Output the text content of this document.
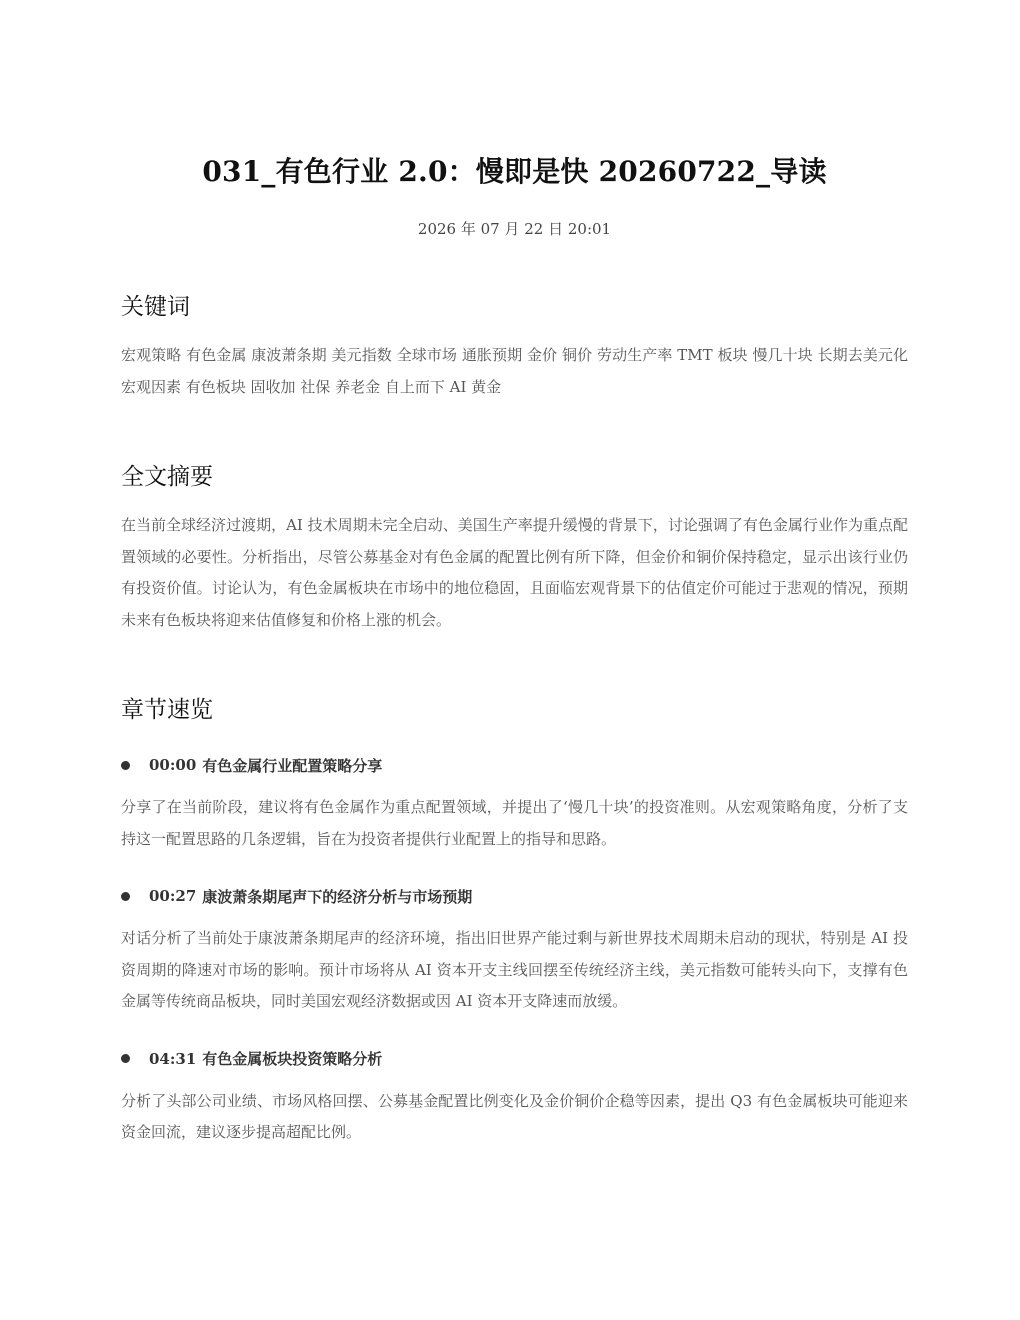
031_有色行业 2.0：慢即是快 20260722_导读
2026 年 07 月 22 日 20:01
关键词

宏观策略 有色金属 康波萧条期 美元指数 全球市场 通胀预期 金价 铜价 劳动生产率 TMT 板块 慢几十块 长期去美元化 宏观因素 有色板块 固收加 社保 养老金 自上而下 AI 黄金

全文摘要

在当前全球经济过渡期，AI 技术周期未完全启动、美国生产率提升缓慢的背景下，讨论强调了有色金属行业作为重点配置领域的必要性。分析指出，尽管公募基金对有色金属的配置比例有所下降，但金价和铜价保持稳定，显示出该行业仍有投资价值。讨论认为，有色金属板块在市场中的地位稳固，且面临宏观背景下的估值定价可能过于悲观的情况，预期未来有色板块将迎来估值修复和价格上涨的机会。

章节速览
00:00 有色金属行业配置策略分享

分享了在当前阶段，建议将有色金属作为重点配置领域，并提出了‘慢几十块’的投资准则。从宏观策略角度，分析了支持这一配置思路的几条逻辑，旨在为投资者提供行业配置上的指导和思路。

00:27 康波萧条期尾声下的经济分析与市场预期

对话分析了当前处于康波萧条期尾声的经济环境，指出旧世界产能过剩与新世界技术周期未启动的现状，特别是 AI 投资周期的降速对市场的影响。预计市场将从 AI 资本开支主线回摆至传统经济主线，美元指数可能转头向下，支撑有色金属等传统商品板块，同时美国宏观经济数据或因 AI 资本开支降速而放缓。

04:31 有色金属板块投资策略分析

分析了头部公司业绩、市场风格回摆、公募基金配置比例变化及金价铜价企稳等因素，提出 Q3 有色金属板块可能迎来资金回流，建议逐步提高超配比例。
